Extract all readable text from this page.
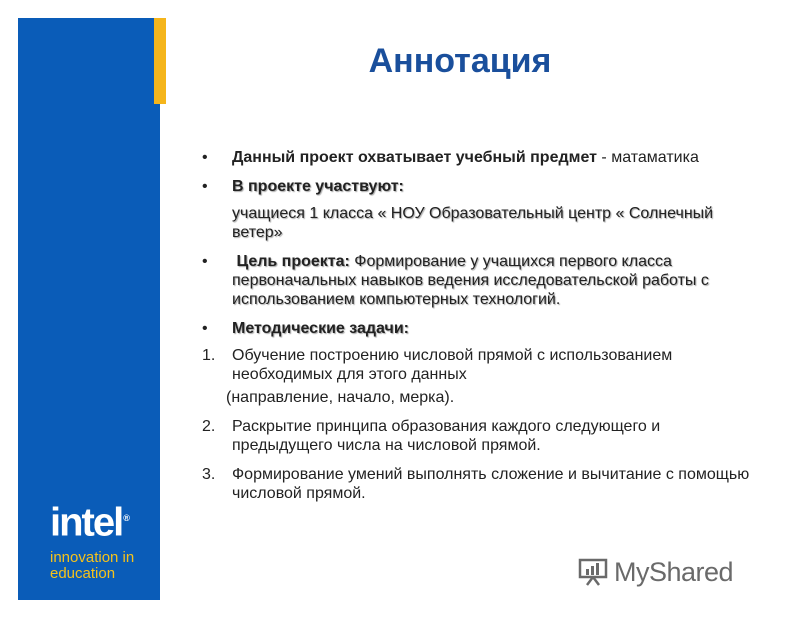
intel®
innovation in
education
Аннотация
• Данный проект охватывает учебный предмет - матаматика
• В проекте участвуют:
учащиеся 1 класса « НОУ Образовательный центр « Солнечный ветер»
• Цель проекта: Формирование у учащихся первого класса первоначальных навыков ведения исследовательской работы с использованием компьютерных технологий.
• Методические задачи:
1. Обучение построению числовой прямой с использованием необходимых для этого данных
(направление, начало, мерка).
2. Раскрытие принципа образования каждого следующего и предыдущего числа на числовой прямой.
3. Формирование умений выполнять сложение и вычитание с помощью числовой прямой.
MyShared
